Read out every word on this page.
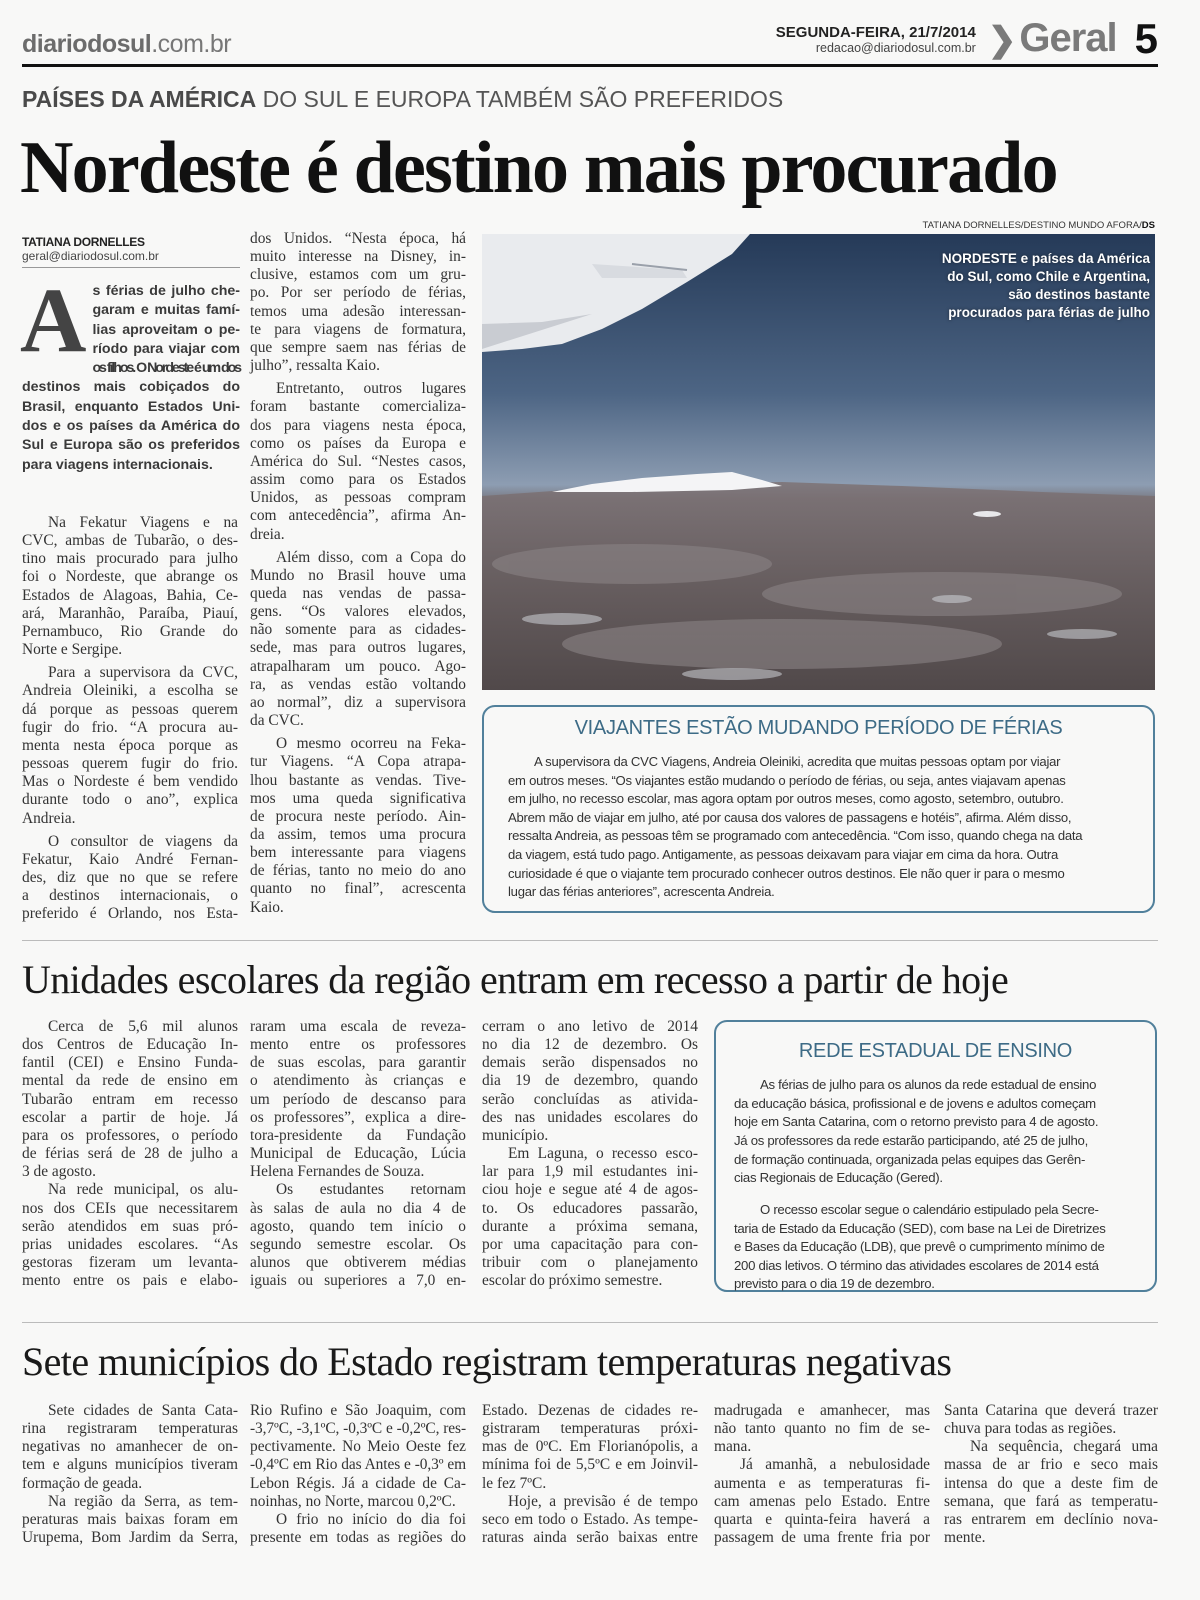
diariodosul.com.br	SEGUNDA-FEIRA, 21/7/2014
redacao@diariodosul.com.br ❯ Geral 5
PAÍSES DA AMÉRICA DO SUL E EUROPA TAMBÉM SÃO PREFERIDOS
Nordeste é destino mais procurado
TATIANA DORNELLES
geral@diariodosul.com.br
A s férias de julho che-
garam e muitas famí-
lias aproveitam o pe-
ríodo para viajar com
os filhos. O Nordeste é um dos
destinos mais cobiçados do
Brasil, enquanto Estados Uni-
dos e os países da América do
Sul e Europa são os preferidos
para viagens internacionais.

Na Fekatur Viagens e na
CVC, ambas de Tubarão, o des-
tino mais procurado para julho
foi o Nordeste, que abrange os
Estados de Alagoas, Bahia, Ce-
ará, Maranhão, Paraíba, Piauí,
Pernambuco, Rio Grande do
Norte e Sergipe.

Para a supervisora da CVC,
Andreia Oleiniki, a escolha se
dá porque as pessoas querem
fugir do frio. “A procura au-
menta nesta época porque as
pessoas querem fugir do frio.
Mas o Nordeste é bem vendido
durante todo o ano”, explica
Andreia.

O consultor de viagens da
Fekatur, Kaio André Fernan-
des, diz que no que se refere
a destinos internacionais, o
preferido é Orlando, nos Esta-

dos Unidos. “Nesta época, há
muito interesse na Disney, in-
clusive, estamos com um gru-
po. Por ser período de férias,
temos uma adesão interessan-
te para viagens de formatura,
que sempre saem nas férias de
julho”, ressalta Kaio.

Entretanto, outros lugares
foram bastante comercializa-
dos para viagens nesta época,
como os países da Europa e
América do Sul. “Nestes casos,
assim como para os Estados
Unidos, as pessoas compram
com antecedência”, afirma An-
dreia.

Além disso, com a Copa do
Mundo no Brasil houve uma
queda nas vendas de passa-
gens. “Os valores elevados,
não somente para as cidades-
sede, mas para outros lugares,
atrapalharam um pouco. Ago-
ra, as vendas estão voltando
ao normal”, diz a supervisora
da CVC.

O mesmo ocorreu na Feka-
tur Viagens. “A Copa atrapa-
lhou bastante as vendas. Tive-
mos uma queda significativa
de procura neste período. Ain-
da assim, temos uma procura
bem interessante para viagens
de férias, tanto no meio do ano
quanto no final”, acrescenta
Kaio.

TATIANA DORNELLES/DESTINO MUNDO AFORA/DS
NORDESTE e países da América
do Sul, como Chile e Argentina,
são destinos bastante
procurados para férias de julho
VIAJANTES ESTÃO MUDANDO PERÍODO DE FÉRIAS

A supervisora da CVC Viagens, Andreia Oleiniki, acredita que muitas pessoas optam por viajar
em outros meses. “Os viajantes estão mudando o período de férias, ou seja, antes viajavam apenas
em julho, no recesso escolar, mas agora optam por outros meses, como agosto, setembro, outubro.
Abrem mão de viajar em julho, até por causa dos valores de passagens e hotéis”, afirma. Além disso,
ressalta Andreia, as pessoas têm se programado com antecedência. “Com isso, quando chega na data
da viagem, está tudo pago. Antigamente, as pessoas deixavam para viajar em cima da hora. Outra
curiosidade é que o viajante tem procurado conhecer outros destinos. Ele não quer ir para o mesmo
lugar das férias anteriores”, acrescenta Andreia.

Unidades escolares da região entram em recesso a partir de hoje

Cerca de 5,6 mil alunos
dos Centros de Educação In-
fantil (CEI) e Ensino Funda-
mental da rede de ensino em
Tubarão entram em recesso
escolar a partir de hoje. Já
para os professores, o período
de férias será de 28 de julho a
3 de agosto.

Na rede municipal, os alu-
nos dos CEIs que necessitarem
serão atendidos em suas pró-
prias unidades escolares. “As
gestoras fizeram um levanta-
mento entre os pais e elabo-

raram uma escala de reveza-
mento entre os professores
de suas escolas, para garantir
o atendimento às crianças e
um período de descanso para
os professores”, explica a dire-
tora-presidente da Fundação
Municipal de Educação, Lúcia
Helena Fernandes de Souza.

Os estudantes retornam
às salas de aula no dia 4 de
agosto, quando tem início o
segundo semestre escolar. Os
alunos que obtiverem médias
iguais ou superiores a 7,0 en-

cerram o ano letivo de 2014
no dia 12 de dezembro. Os
demais serão dispensados no
dia 19 de dezembro, quando
serão concluídas as ativida-
des nas unidades escolares do
município.

Em Laguna, o recesso esco-
lar para 1,9 mil estudantes ini-
ciou hoje e segue até 4 de agos-
to. Os educadores passarão,
durante a próxima semana,
por uma capacitação para con-
tribuir com o planejamento
escolar do próximo semestre.

REDE ESTADUAL DE ENSINO

As férias de julho para os alunos da rede estadual de ensino
da educação básica, profissional e de jovens e adultos começam
hoje em Santa Catarina, com o retorno previsto para 4 de agosto.
Já os professores da rede estarão participando, até 25 de julho,
de formação continuada, organizada pelas equipes das Gerên-
cias Regionais de Educação (Gered).

O recesso escolar segue o calendário estipulado pela Secre-
taria de Estado da Educação (SED), com base na Lei de Diretrizes
e Bases da Educação (LDB), que prevê o cumprimento mínimo de
200 dias letivos. O término das atividades escolares de 2014 está
previsto para o dia 19 de dezembro.

Sete municípios do Estado registram temperaturas negativas

Sete cidades de Santa Cata-
rina registraram temperaturas
negativas no amanhecer de on-
tem e alguns municípios tiveram
formação de geada.

Na região da Serra, as tem-
peraturas mais baixas foram em
Urupema, Bom Jardim da Serra,

Rio Rufino e São Joaquim, com
-3,7ºC, -3,1ºC, -0,3ºC e -0,2ºC, res-
pectivamente. No Meio Oeste fez
-0,4ºC em Rio das Antes e -0,3º em
Lebon Régis. Já a cidade de Ca-
noinhas, no Norte, marcou 0,2ºC.

O frio no início do dia foi
presente em todas as regiões do

Estado. Dezenas de cidades re-
gistraram temperaturas próxi-
mas de 0ºC. Em Florianópolis, a
mínima foi de 5,5ºC e em Joinvil-
le fez 7ºC.

Hoje, a previsão é de tempo
seco em todo o Estado. As tempe-
raturas ainda serão baixas entre

madrugada e amanhecer, mas
não tanto quanto no fim de se-
mana.

Já amanhã, a nebulosidade
aumenta e as temperaturas fi-
cam amenas pelo Estado. Entre
quarta e quinta-feira haverá a
passagem de uma frente fria por

Santa Catarina que deverá trazer
chuva para todas as regiões.

Na sequência, chegará uma
massa de ar frio e seco mais
intensa do que a deste fim de
semana, que fará as temperatu-
ras entrarem em declínio nova-
mente.
